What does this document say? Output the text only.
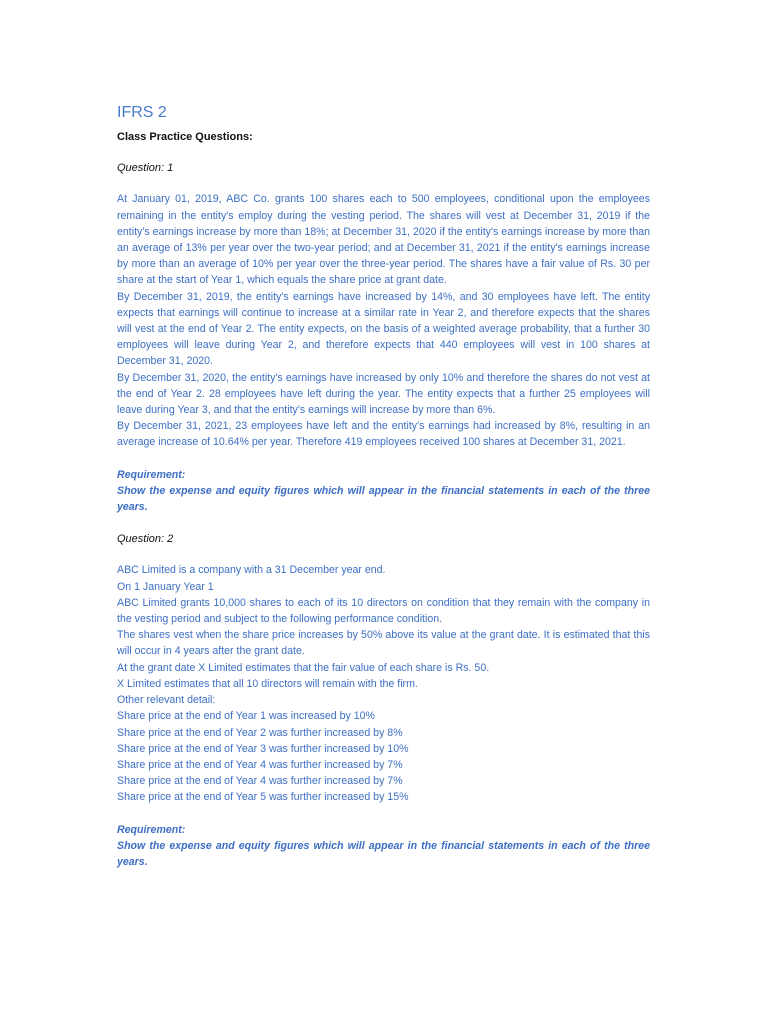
IFRS 2
Class Practice Questions:
Question: 1

At January 01, 2019, ABC Co. grants 100 shares each to 500 employees, conditional upon the employees remaining in the entity's employ during the vesting period. The shares will vest at December 31, 2019 if the entity's earnings increase by more than 18%; at December 31, 2020 if the entity's earnings increase by more than an average of 13% per year over the two-year period; and at December 31, 2021 if the entity's earnings increase by more than an average of 10% per year over the three-year period. The shares have a fair value of Rs. 30 per share at the start of Year 1, which equals the share price at grant date.

By December 31, 2019, the entity's earnings have increased by 14%, and 30 employees have left. The entity expects that earnings will continue to increase at a similar rate in Year 2, and therefore expects that the shares will vest at the end of Year 2. The entity expects, on the basis of a weighted average probability, that a further 30 employees will leave during Year 2, and therefore expects that 440 employees will vest in 100 shares at December 31, 2020.

By December 31, 2020, the entity's earnings have increased by only 10% and therefore the shares do not vest at the end of Year 2. 28 employees have left during the year. The entity expects that a further 25 employees will leave during Year 3, and that the entity's earnings will increase by more than 6%.

By December 31, 2021, 23 employees have left and the entity's earnings had increased by 8%, resulting in an average increase of 10.64% per year. Therefore 419 employees received 100 shares at December 31, 2021.

Requirement:

Show the expense and equity figures which will appear in the financial statements in each of the three years.

Question: 2

ABC Limited is a company with a 31 December year end.

On 1 January Year 1

ABC Limited grants 10,000 shares to each of its 10 directors on condition that they remain with the company in the vesting period and subject to the following performance condition.

The shares vest when the share price increases by 50% above its value at the grant date. It is estimated that this will occur in 4 years after the grant date.

At the grant date X Limited estimates that the fair value of each share is Rs. 50.

X Limited estimates that all 10 directors will remain with the firm.

Other relevant detail:

Share price at the end of Year 1 was increased by 10%

Share price at the end of Year 2 was further increased by 8%

Share price at the end of Year 3 was further increased by 10%

Share price at the end of Year 4 was further increased by 7%

Share price at the end of Year 4 was further increased by 7%

Share price at the end of Year 5 was further increased by 15%

Requirement:

Show the expense and equity figures which will appear in the financial statements in each of the three years.
